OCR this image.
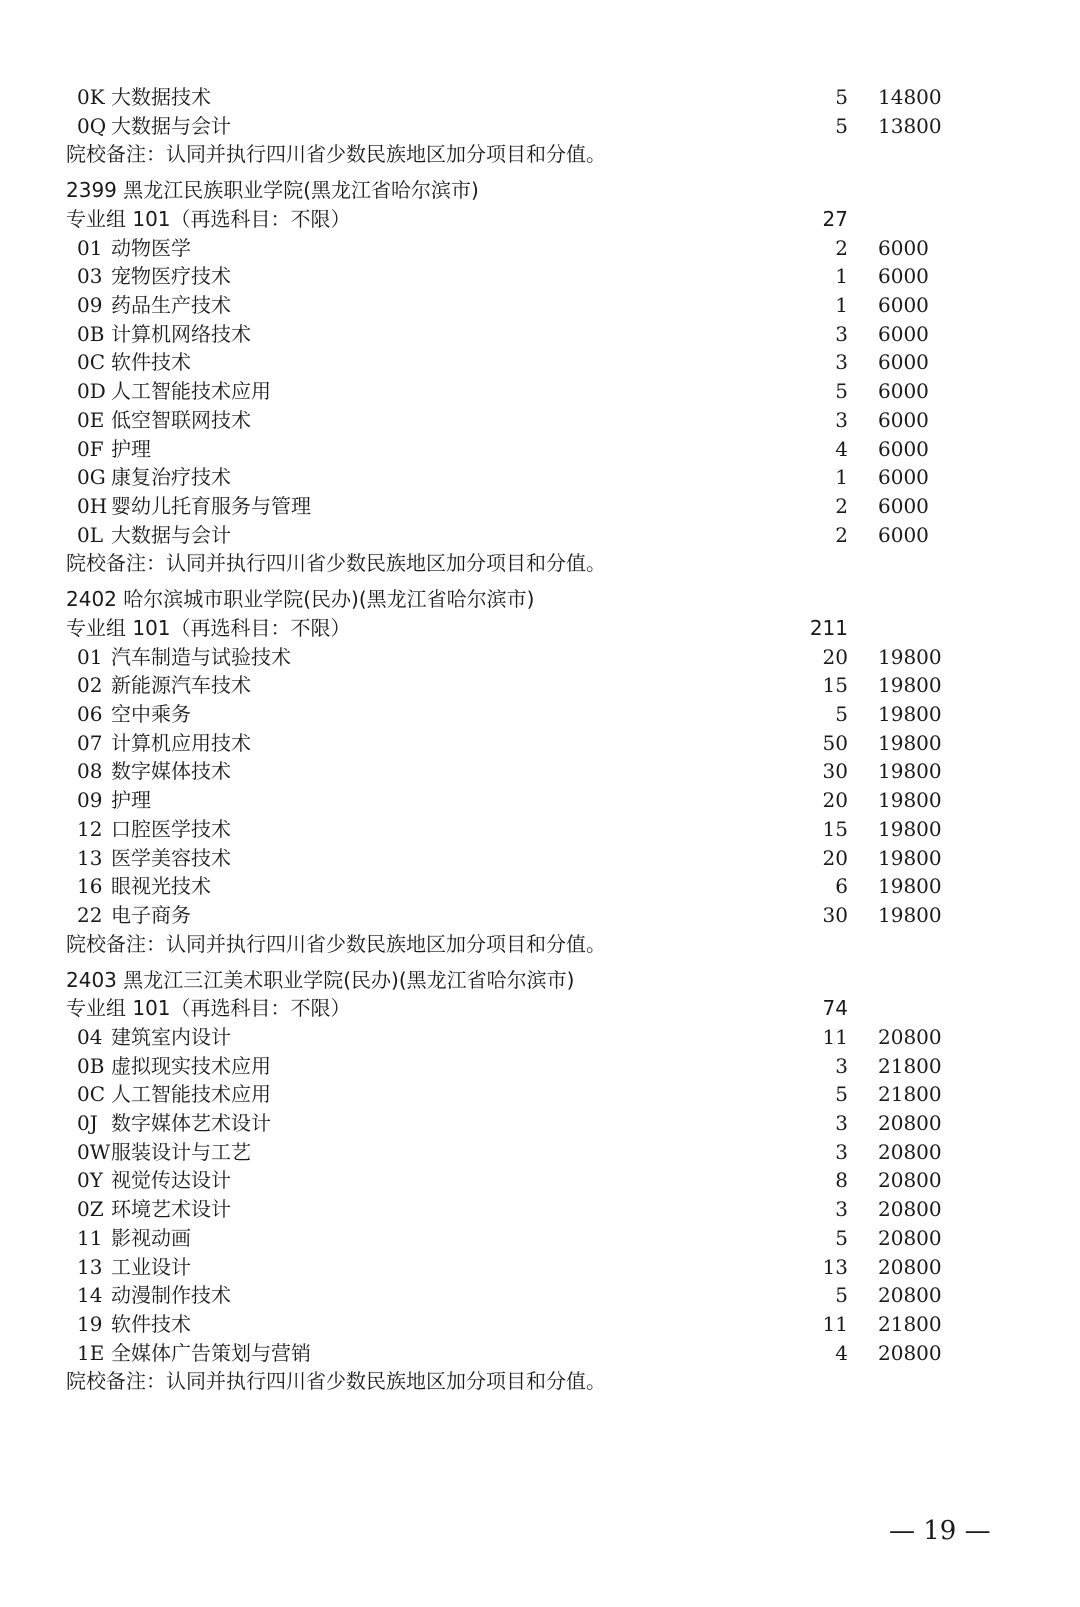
0K 大数据技术	5 14800
0Q 大数据与会计	5 13800
院校备注：认同并执行四川省少数民族地区加分项目和分值。
2399 黑龙江民族职业学院(黑龙江省哈尔滨市)
专业组 101（再选科目：不限）	27
01 动物医学	2 6000
03 宠物医疗技术	1 6000
09 药品生产技术	1 6000
0B 计算机网络技术	3 6000
0C 软件技术	3 6000
0D 人工智能技术应用	5 6000
0E 低空智联网技术	3 6000
0F 护理	4 6000
0G 康复治疗技术	1 6000
0H 婴幼儿托育服务与管理	2 6000
0L 大数据与会计	2 6000
院校备注：认同并执行四川省少数民族地区加分项目和分值。
2402 哈尔滨城市职业学院(民办)(黑龙江省哈尔滨市)
专业组 101（再选科目：不限）	211
01 汽车制造与试验技术	20 19800
02 新能源汽车技术	15 19800
06 空中乘务	5 19800
07 计算机应用技术	50 19800
08 数字媒体技术	30 19800
09 护理	20 19800
12 口腔医学技术	15 19800
13 医学美容技术	20 19800
16 眼视光技术	6 19800
22 电子商务	30 19800
院校备注：认同并执行四川省少数民族地区加分项目和分值。
2403 黑龙江三江美术职业学院(民办)(黑龙江省哈尔滨市)
专业组 101（再选科目：不限）	74
04 建筑室内设计	11 20800
0B 虚拟现实技术应用	3 21800
0C 人工智能技术应用	5 21800
0J 数字媒体艺术设计	3 20800
0W 服装设计与工艺	3 20800
0Y 视觉传达设计	8 20800
0Z 环境艺术设计	3 20800
11 影视动画	5 20800
13 工业设计	13 20800
14 动漫制作技术	5 20800
19 软件技术	11 21800
1E 全媒体广告策划与营销	4 20800
院校备注：认同并执行四川省少数民族地区加分项目和分值。
— 19 —
